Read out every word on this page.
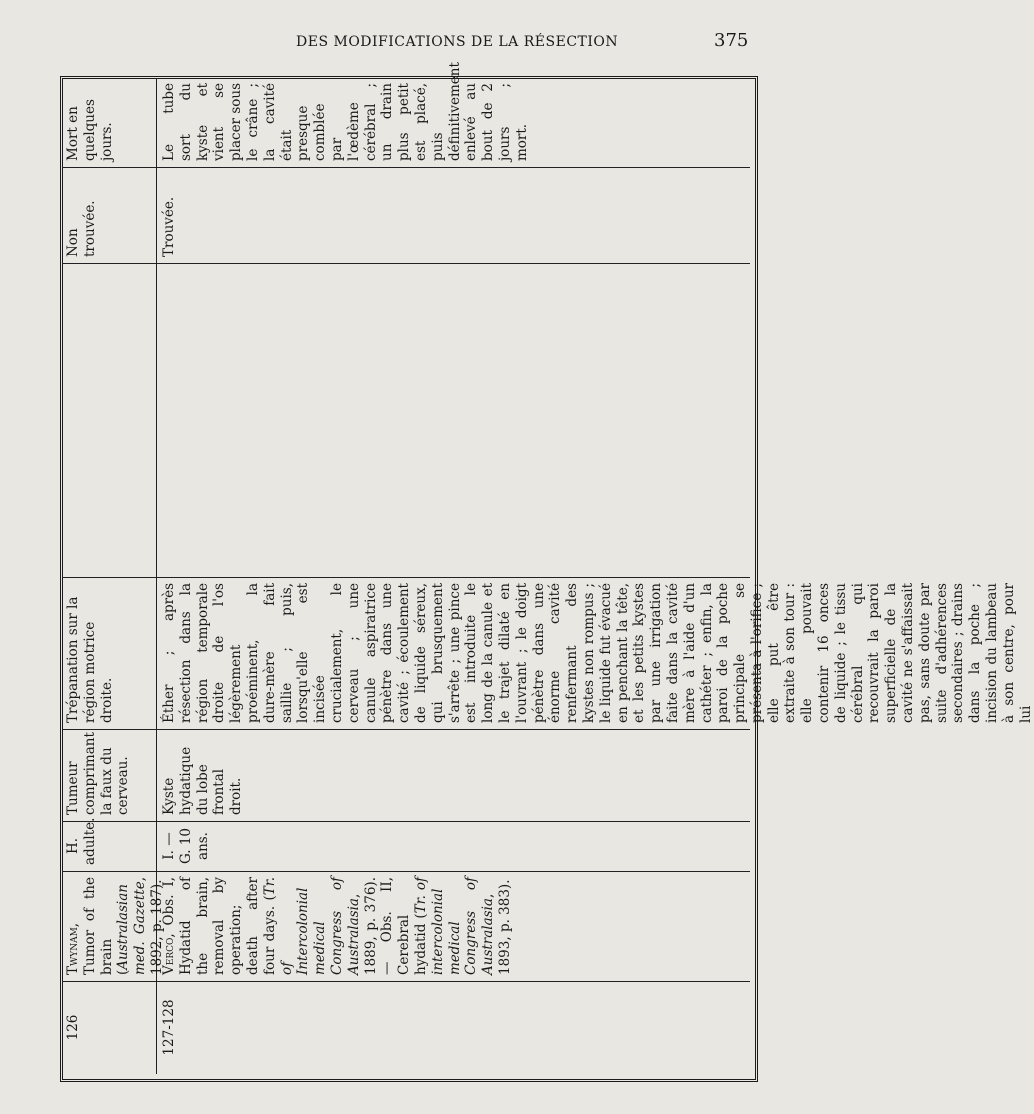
DES MODIFICATIONS DE LA RÉSECTION	375
126
Twynam, Tumor of the brain (Australasian med. Gazette, 1892, p. 187).
H. adulte.
Tumeur comprimant la faux du cerveau.
Trépanation sur la région motrice droite.
Non trouvée.
Mort en quelques jours.
127-128
Verco, Obs. I, Hydatid of the brain, removal by operation; death after four days. (Tr. of Intercolonial medical Congress of Australasia, 1889, p. 376). — Obs. II, Cerebral hydatid (Tr. of intercolonial medical Congress of Australasia, 1893, p. 383).
I. — G. 10 ans.
Kyste hydatique du lobe frontal droit.
Éther ; après résection dans la région temporale droite de l'os légèrement proéminent, la dure-mère fait saillie ; puis, lorsqu'elle est incisée crucialement, le cerveau ; une canule aspiratrice pénètre dans une cavité ; écoulement de liquide séreux, qui brusquement s'arrête ; une pince est introduite le long de la canule et le trajet dilaté en l'ouvrant ; le doigt pénètre dans une énorme cavité renfermant des kystes non rompus ; le liquide fut évacué en penchant la tête, et les petits kystes par une irrigation faite dans la cavité mère à l'aide d'un cathéter ; enfin, la paroi de la poche principale se présenta à l'orifice ; elle put être extraite à son tour : elle pouvait contenir 16 onces de liquide ; le tissu cérébral qui recouvrait la paroi superficielle de la cavité ne s'affaissait pas, sans doute par suite d'adhérences secondaires ; drains dans la poche ; incision du lambeau à son centre, pour lui
Trouvée.
Le tube sort du kyste et vient se placer sous le crâne ; la cavité était presque comblée par l'œdème cérébral ; un drain plus petit est placé, puis définitivement enlevé au bout de 2 jours ; mort.
